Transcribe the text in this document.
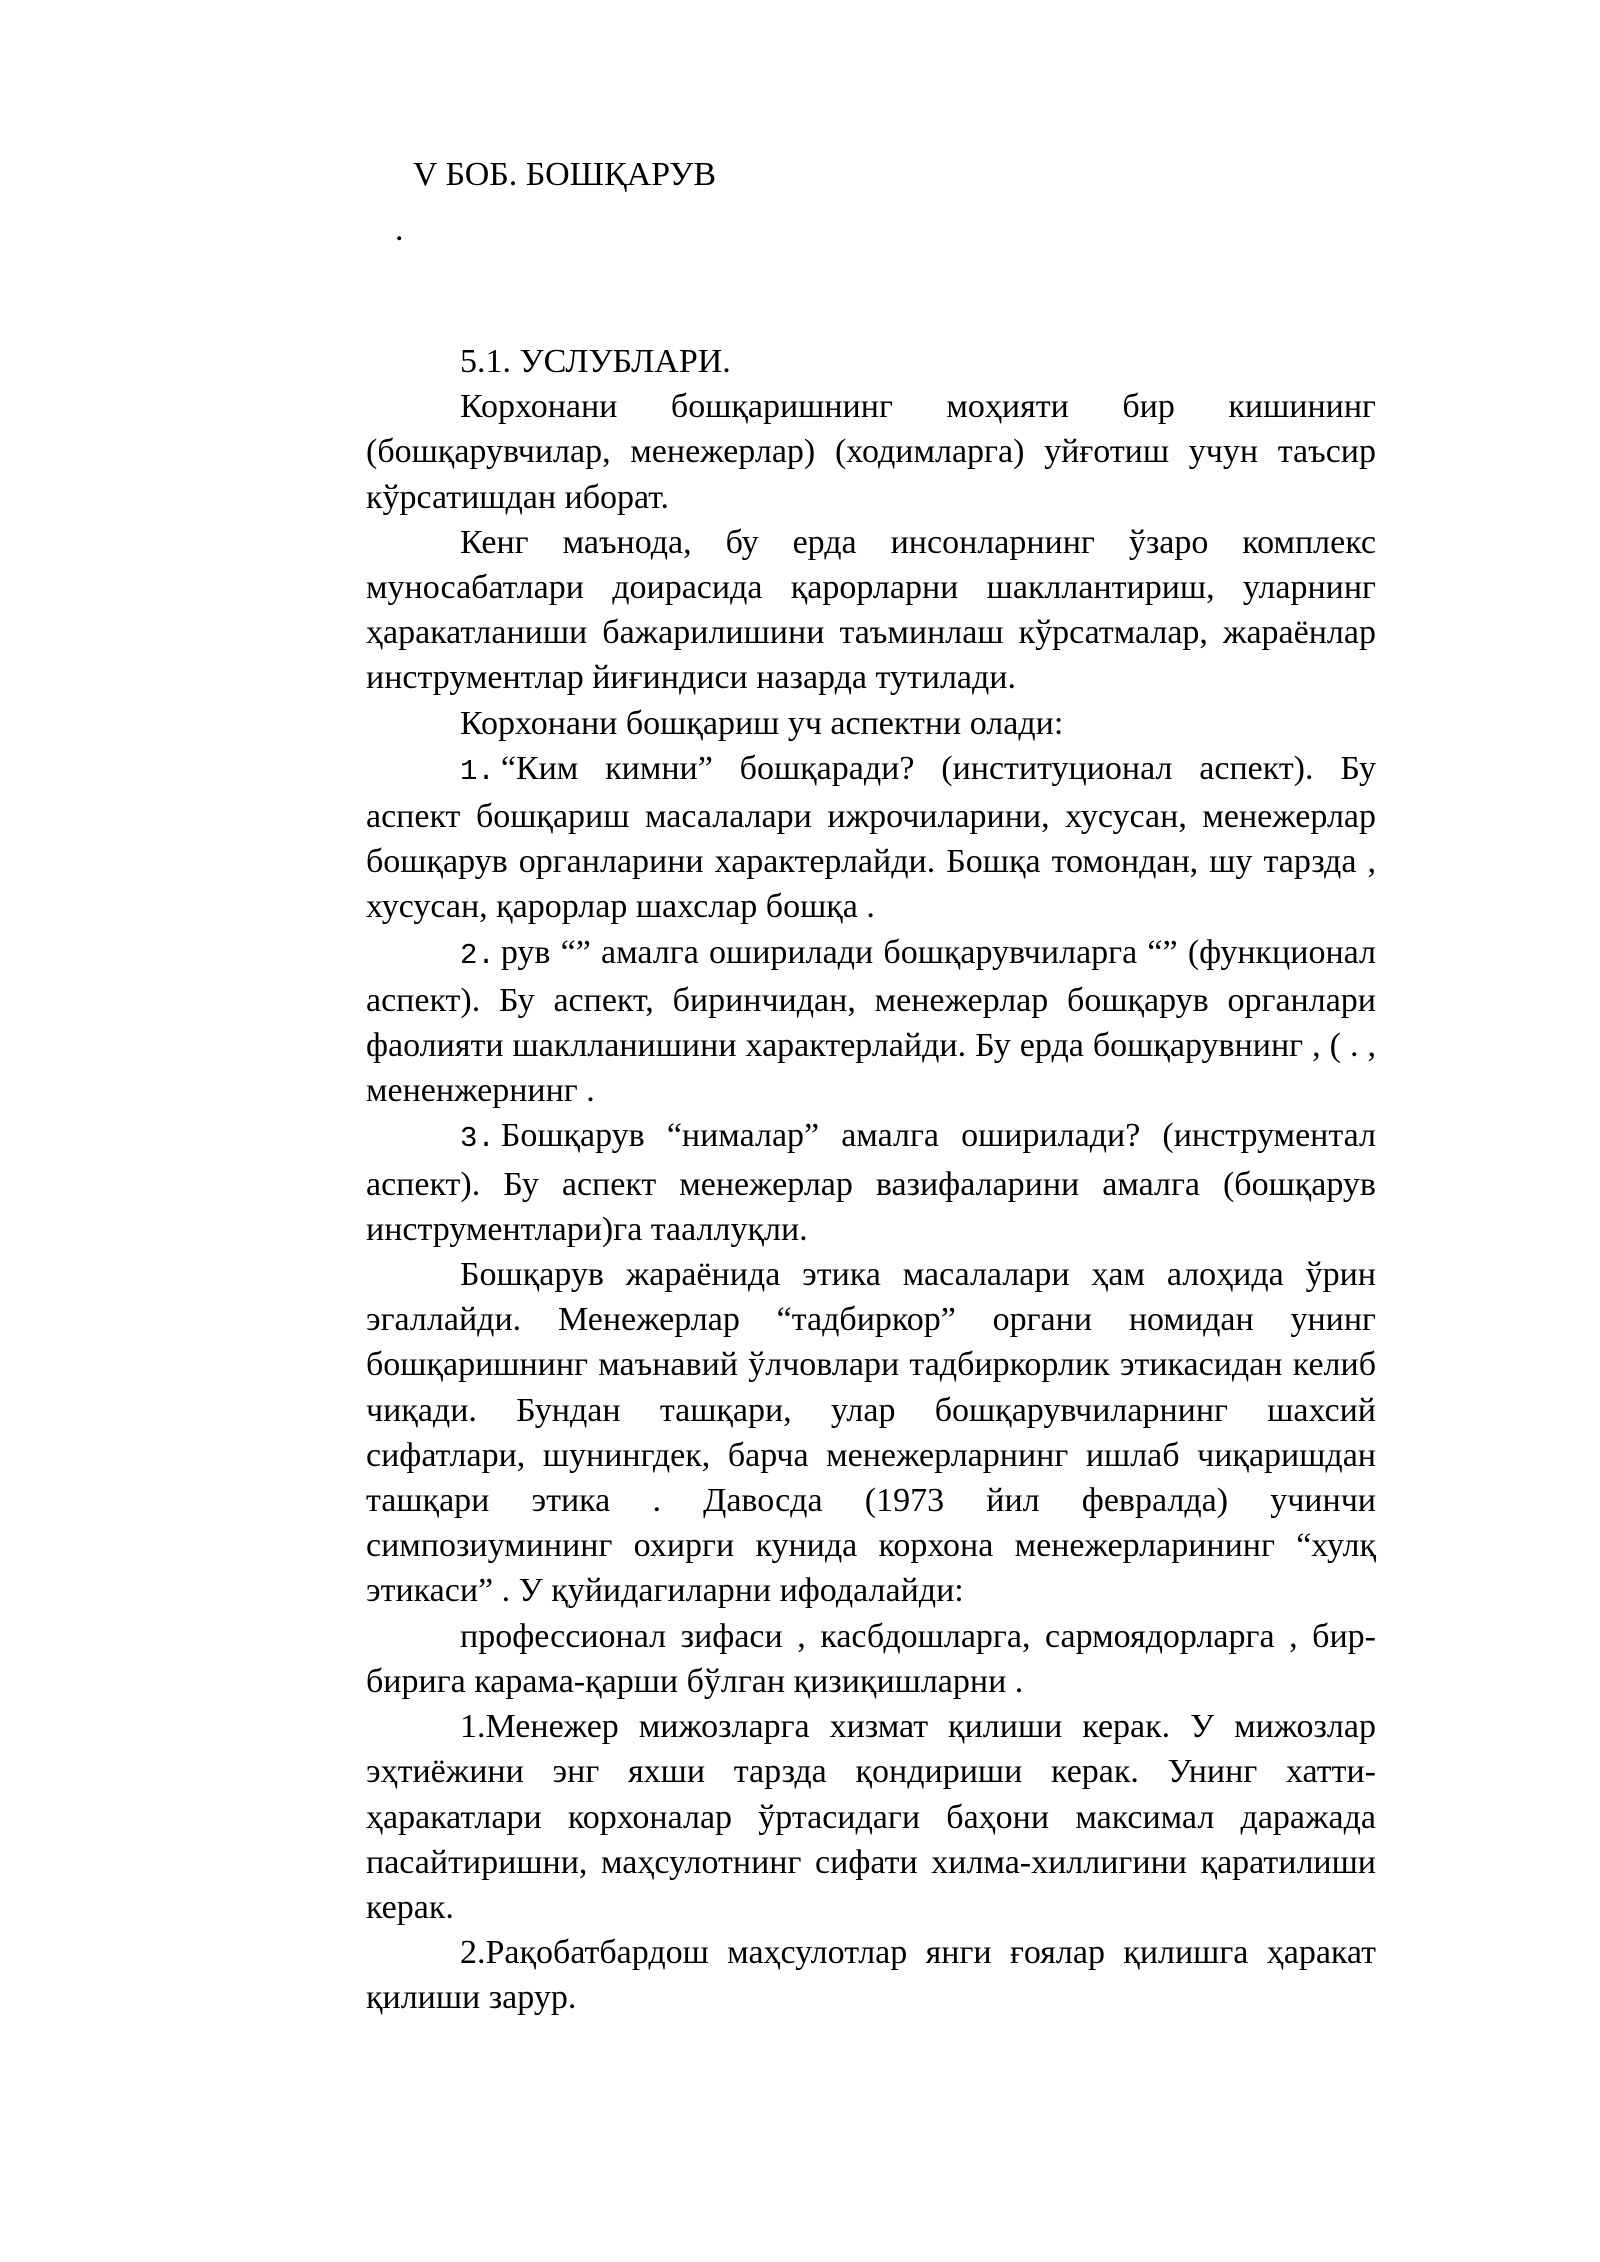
V БОБ. БОШҚАРУВ
.

5.1. УСЛУБЛАРИ.

Корхонани бошқаришнинг моҳияти бир кишининг (бошқарувчилар, менежерлар) (ходимларга) уйғотиш учун таъсир кўрсатишдан иборат.

Кенг маънода, бу ерда инсонларнинг ўзаро комплекс муносабатлари доирасида қарорларни шакллантириш, уларнинг ҳаракатланиши бажарилишини таъминлаш кўрсатмалар, жараёнлар инструментлар йиғиндиси назарда тутилади.

Корхонани бошқариш уч аспектни олади:

1. “Ким кимни” бошқаради? (институционал аспект). Бу аспект бошқариш масалалари ижрочиларини, хусусан, менежерлар бошқарув органларини характерлайди. Бошқа томондан, шу тарзда , хусусан, қарорлар шахслар бошқа .

2. рув “” амалга оширилади бошқарувчиларга “” (функционал аспект). Бу аспект, биринчидан, менежерлар бошқарув органлари фаолияти шаклланишини характерлайди. Бу ерда бошқарувнинг , ( . , мененжернинг .

3. Бошқарув “нималар” амалга оширилади? (инструментал аспект). Бу аспект менежерлар вазифаларини амалга (бошқарув инструментлари)га тааллуқли.

Бошқарув жараёнида этика масалалари ҳам алоҳида ўрин эгаллайди. Менежерлар “тадбиркор” органи номидан унинг бошқаришнинг маънавий ўлчовлари тадбиркорлик этикасидан келиб чиқади. Бундан ташқари, улар бошқарувчиларнинг шахсий сифатлари, шунингдек, барча менежерларнинг ишлаб чиқаришдан ташқари этика . Давосда (1973 йил февралда) учинчи симпозиумининг охирги кунида корхона менежерларининг “хулқ этикаси” . У қуйидагиларни ифодалайди:

профессионал зифаси , касбдошларга, сармоядорларга , бир-бирига карама-қарши бўлган қизиқишларни .

1.Менежер мижозларга хизмат қилиши керак. У мижозлар эҳтиёжини энг яхши тарзда қондириши керак. Унинг хатти-ҳаракатлари корхоналар ўртасидаги баҳони максимал даражада пасайтиришни, маҳсулотнинг сифати хилма-хиллигини қаратилиши керак.

2.Рақобатбардош маҳсулотлар янги ғоялар қилишга ҳаракат қилиши зарур.
